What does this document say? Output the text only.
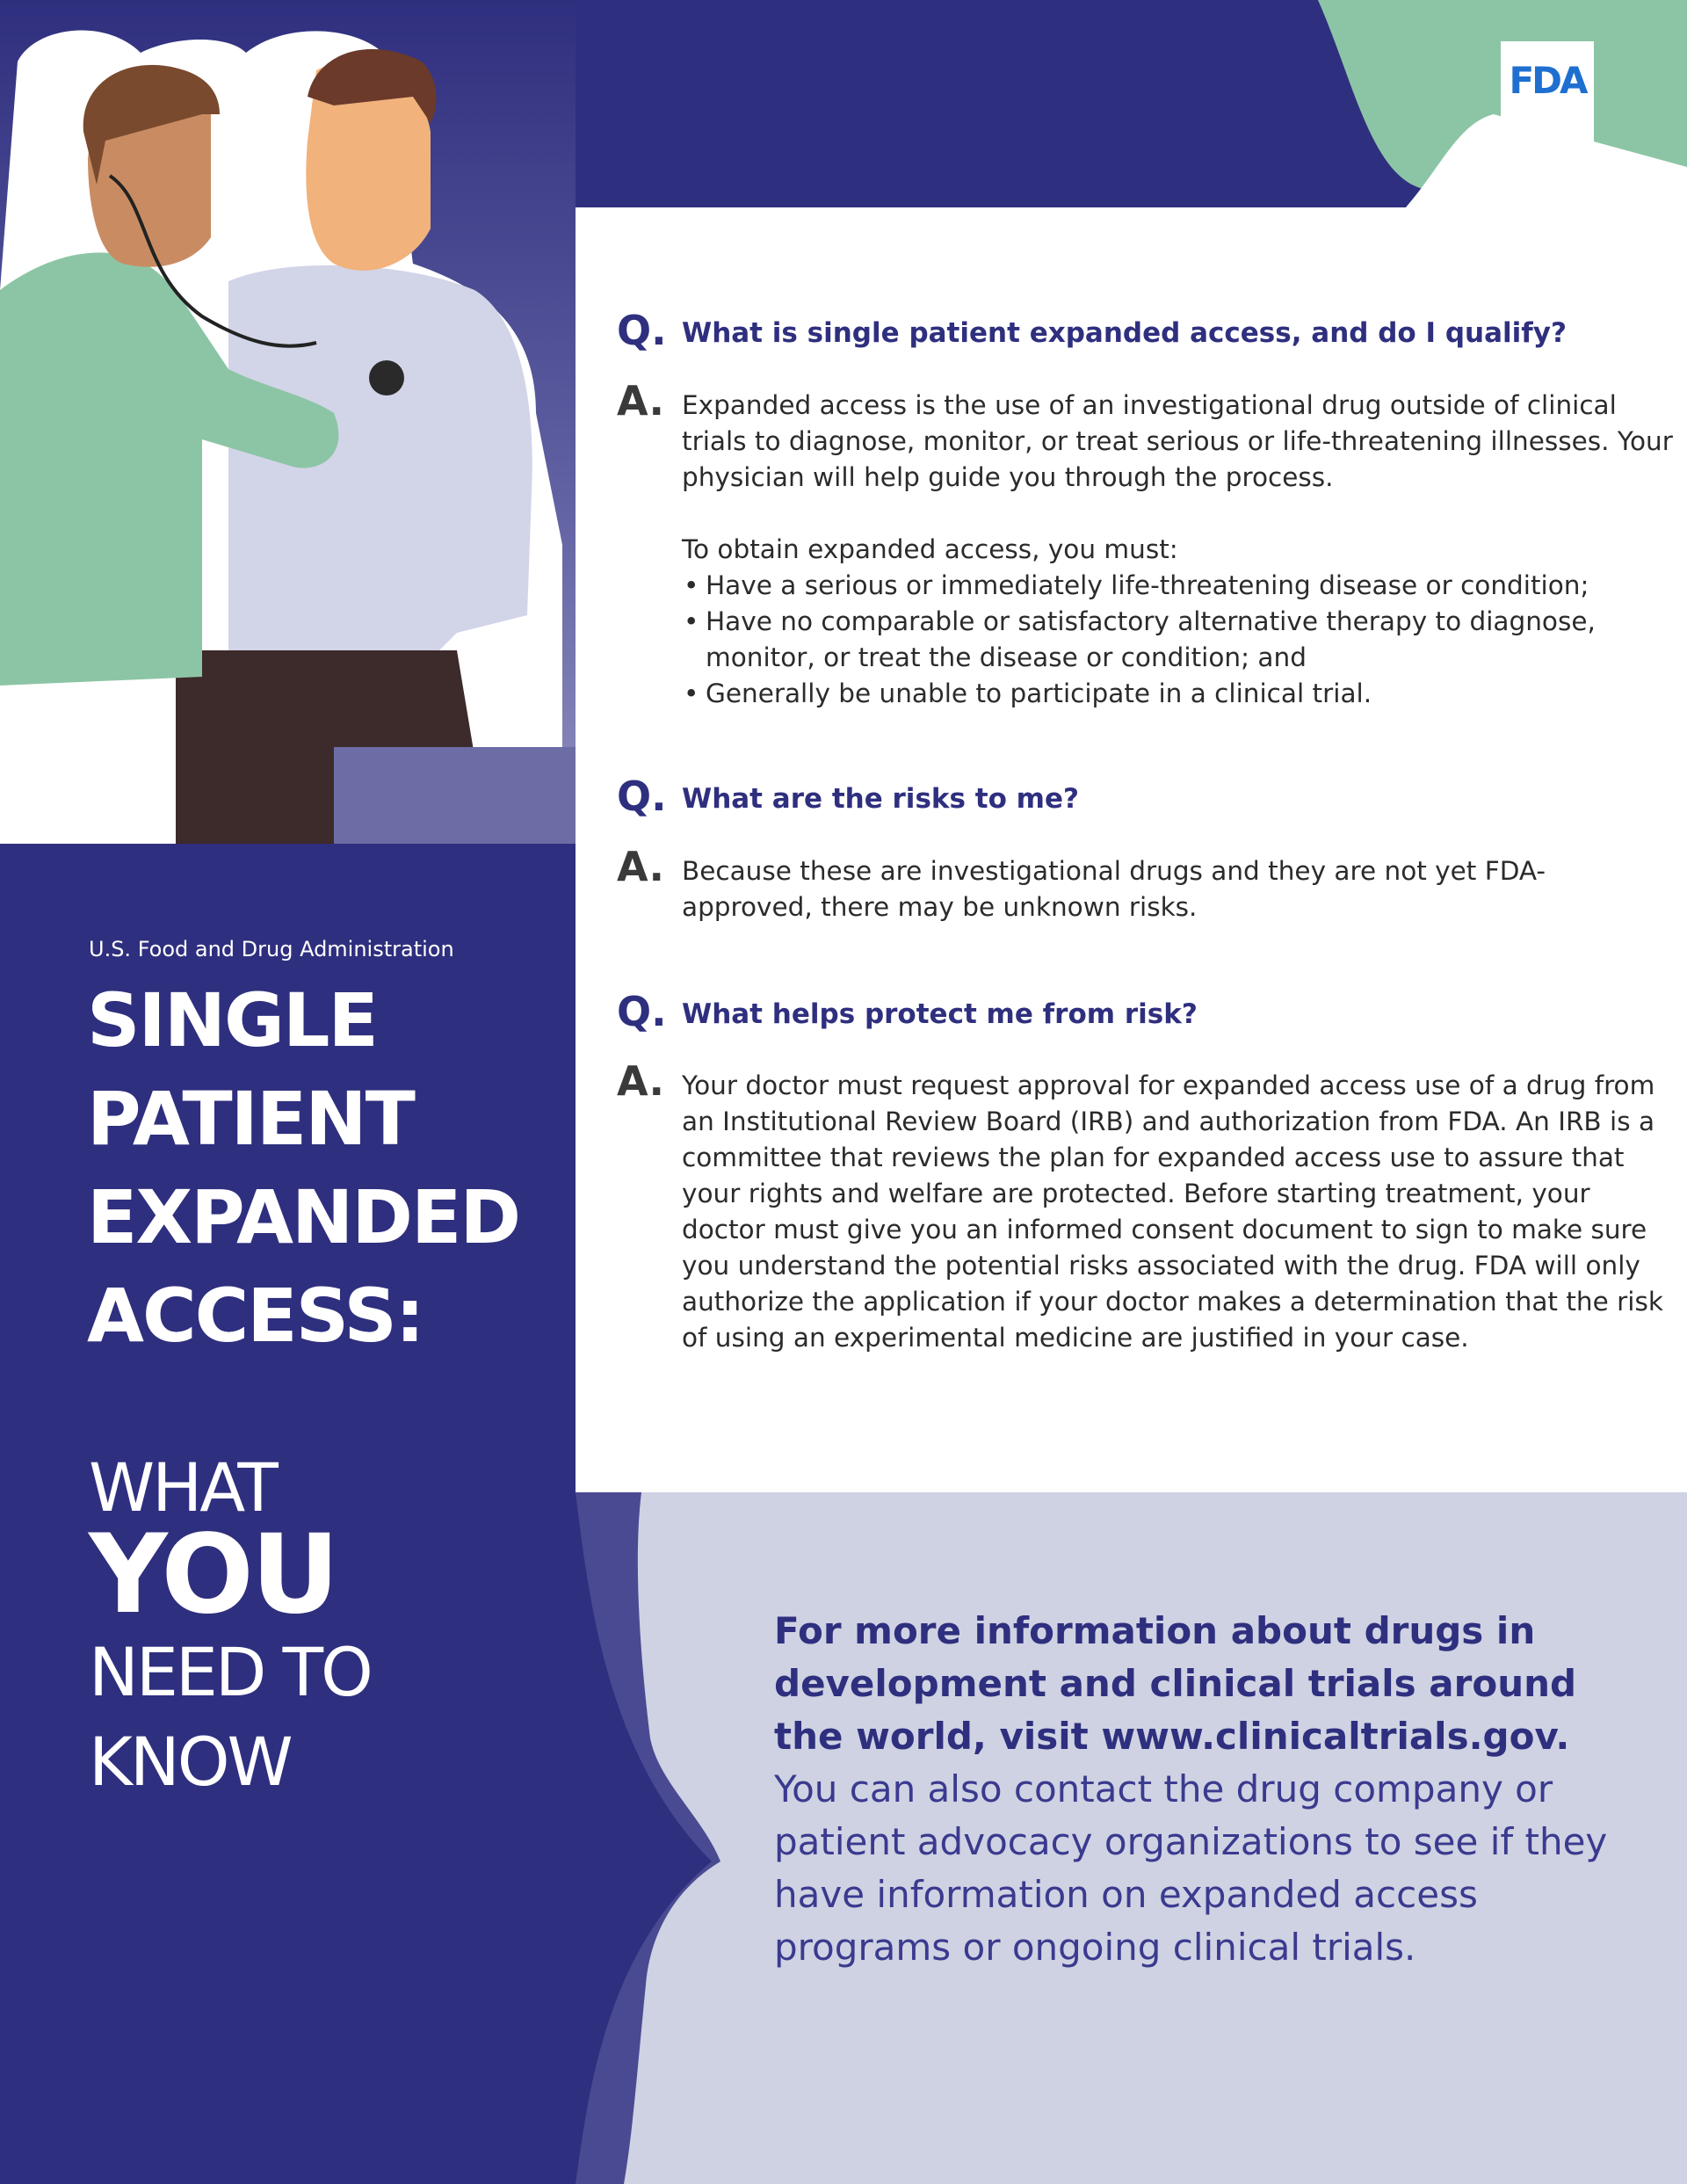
FDA
U.S. Food and Drug Administration
SINGLE
PATIENT
EXPANDED
ACCESS:
WHAT
YOU
NEED TO
KNOW
Q. What is single patient expanded access, and do I qualify?
A. Expanded access is the use of an investigational drug outside of clinical trials to diagnose, monitor, or treat serious or life-threatening illnesses. Your physician will help guide you through the process.

To obtain expanded access, you must:

• Have a serious or immediately life-threatening disease or condition;
• Have no comparable or satisfactory alternative therapy to diagnose, monitor, or treat the disease or condition; and
• Generally be unable to participate in a clinical trial.
Q. What are the risks to me?
A. Because these are investigational drugs and they are not yet FDA-approved, there may be unknown risks.

Q. What helps protect me from risk?
A. Your doctor must request approval for expanded access use of a drug from an Institutional Review Board (IRB) and authorization from FDA. An IRB is a committee that reviews the plan for expanded access use to assure that your rights and welfare are protected. Before starting treatment, your doctor must give you an informed consent document to sign to make sure you understand the potential risks associated with the drug. FDA will only authorize the application if your doctor makes a determination that the risk of using an experimental medicine are justified in your case.

For more information about drugs in development and clinical trials around the world, visit www.clinicaltrials.gov.
You can also contact the drug company or patient advocacy organizations to see if they have information on expanded access programs or ongoing clinical trials.
